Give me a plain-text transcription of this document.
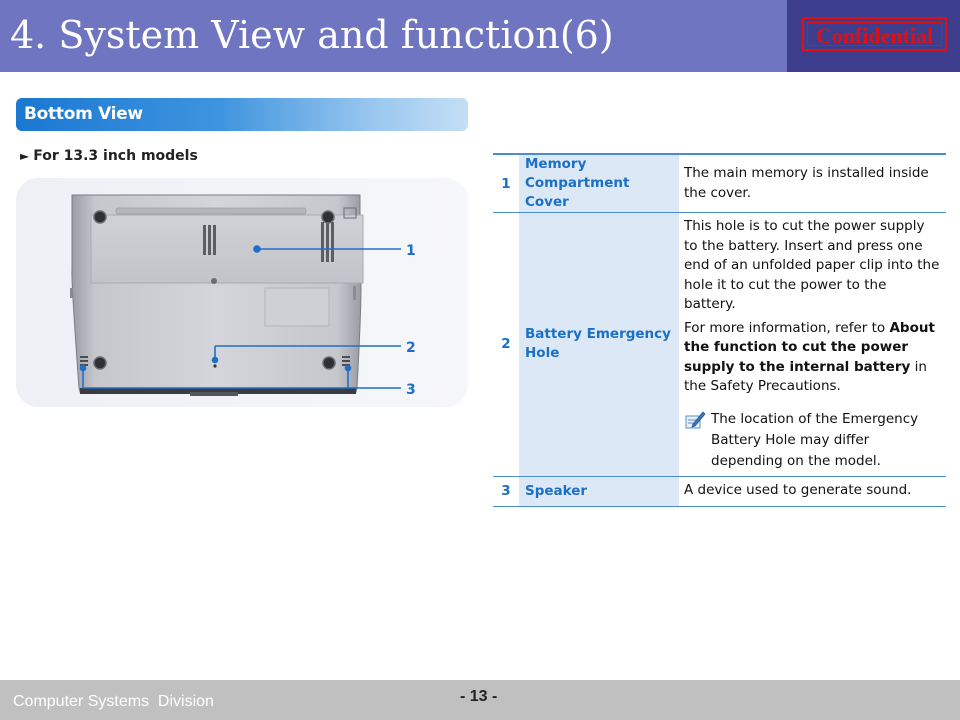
4. System View and function(6)	Confidential
Bottom View
► For 13.3 inch models
1
2
3
1	Memory Compartment Cover	The main memory is installed inside the cover.
2	Battery Emergency Hole	This hole is to cut the power supply to the battery. Insert and press one end of an unfolded paper clip into the hole it to cut the power to the battery.

For more information, refer to About the function to cut the power supply to the internal battery in the Safety Precautions.

The location of the Emergency Battery Hole may differ depending on the model.

3	Speaker	A device used to generate sound.
Computer Systems  Division	- 13 -
